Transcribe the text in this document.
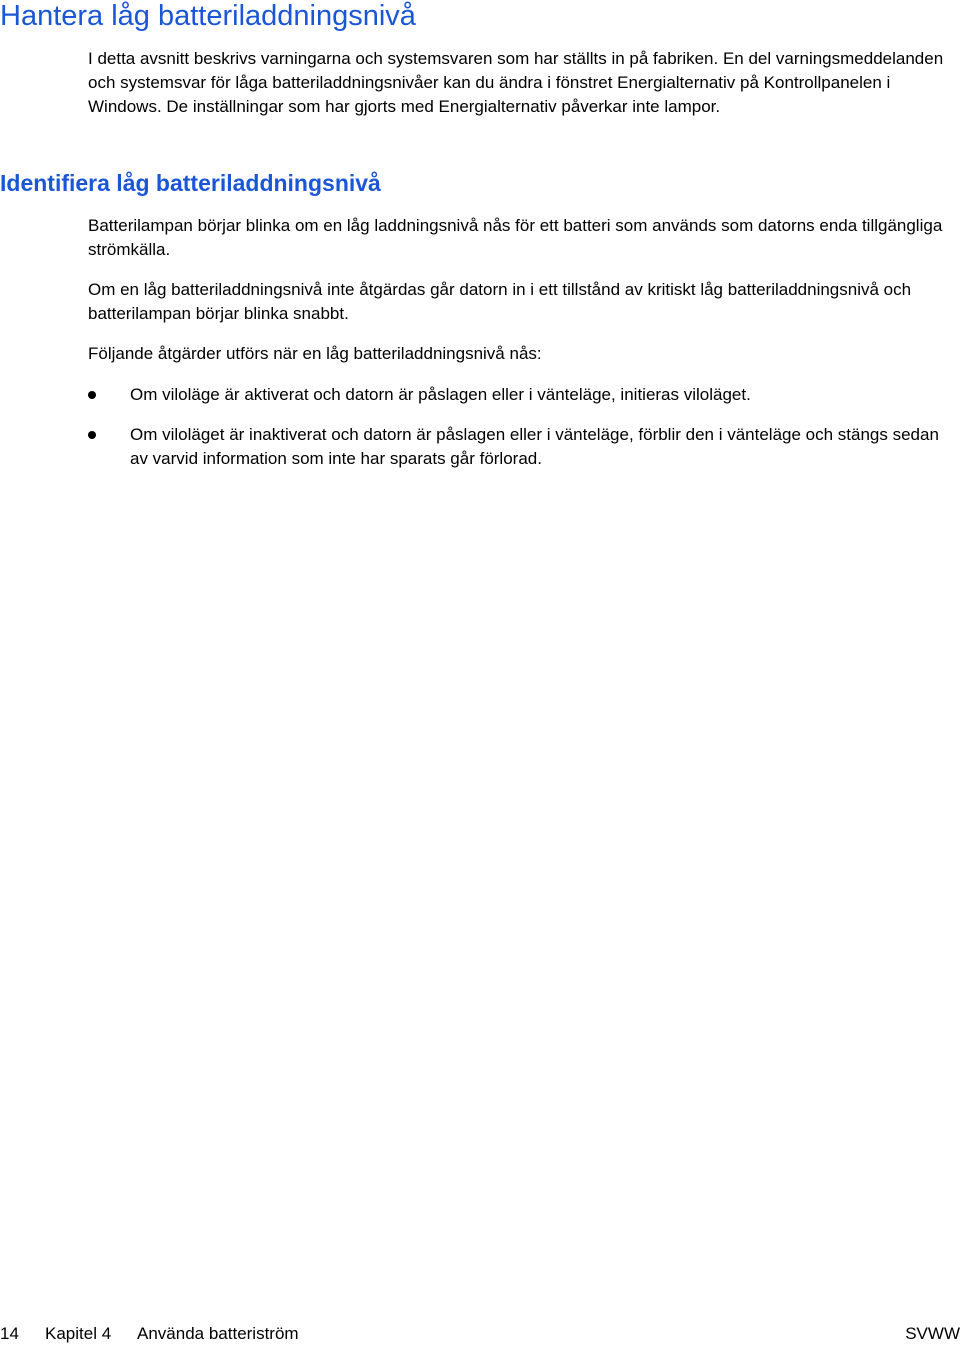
Hantera låg batteriladdningsnivå

I detta avsnitt beskrivs varningarna och systemsvaren som har ställts in på fabriken. En del varningsmeddelanden och systemsvar för låga batteriladdningsnivåer kan du ändra i fönstret Energialternativ på Kontrollpanelen i Windows. De inställningar som har gjorts med Energialternativ påverkar inte lampor.

Identifiera låg batteriladdningsnivå

Batterilampan börjar blinka om en låg laddningsnivå nås för ett batteri som används som datorns enda tillgängliga strömkälla.

Om en låg batteriladdningsnivå inte åtgärdas går datorn in i ett tillstånd av kritiskt låg batteriladdningsnivå och batterilampan börjar blinka snabbt.

Följande åtgärder utförs när en låg batteriladdningsnivå nås:

Om viloläge är aktiverat och datorn är påslagen eller i vänteläge, initieras viloläget.
Om viloläget är inaktiverat och datorn är påslagen eller i vänteläge, förblir den i vänteläge och stängs sedan av varvid information som inte har sparats går förlorad.
14 Kapitel 4 Använda batteriström	SVWW
